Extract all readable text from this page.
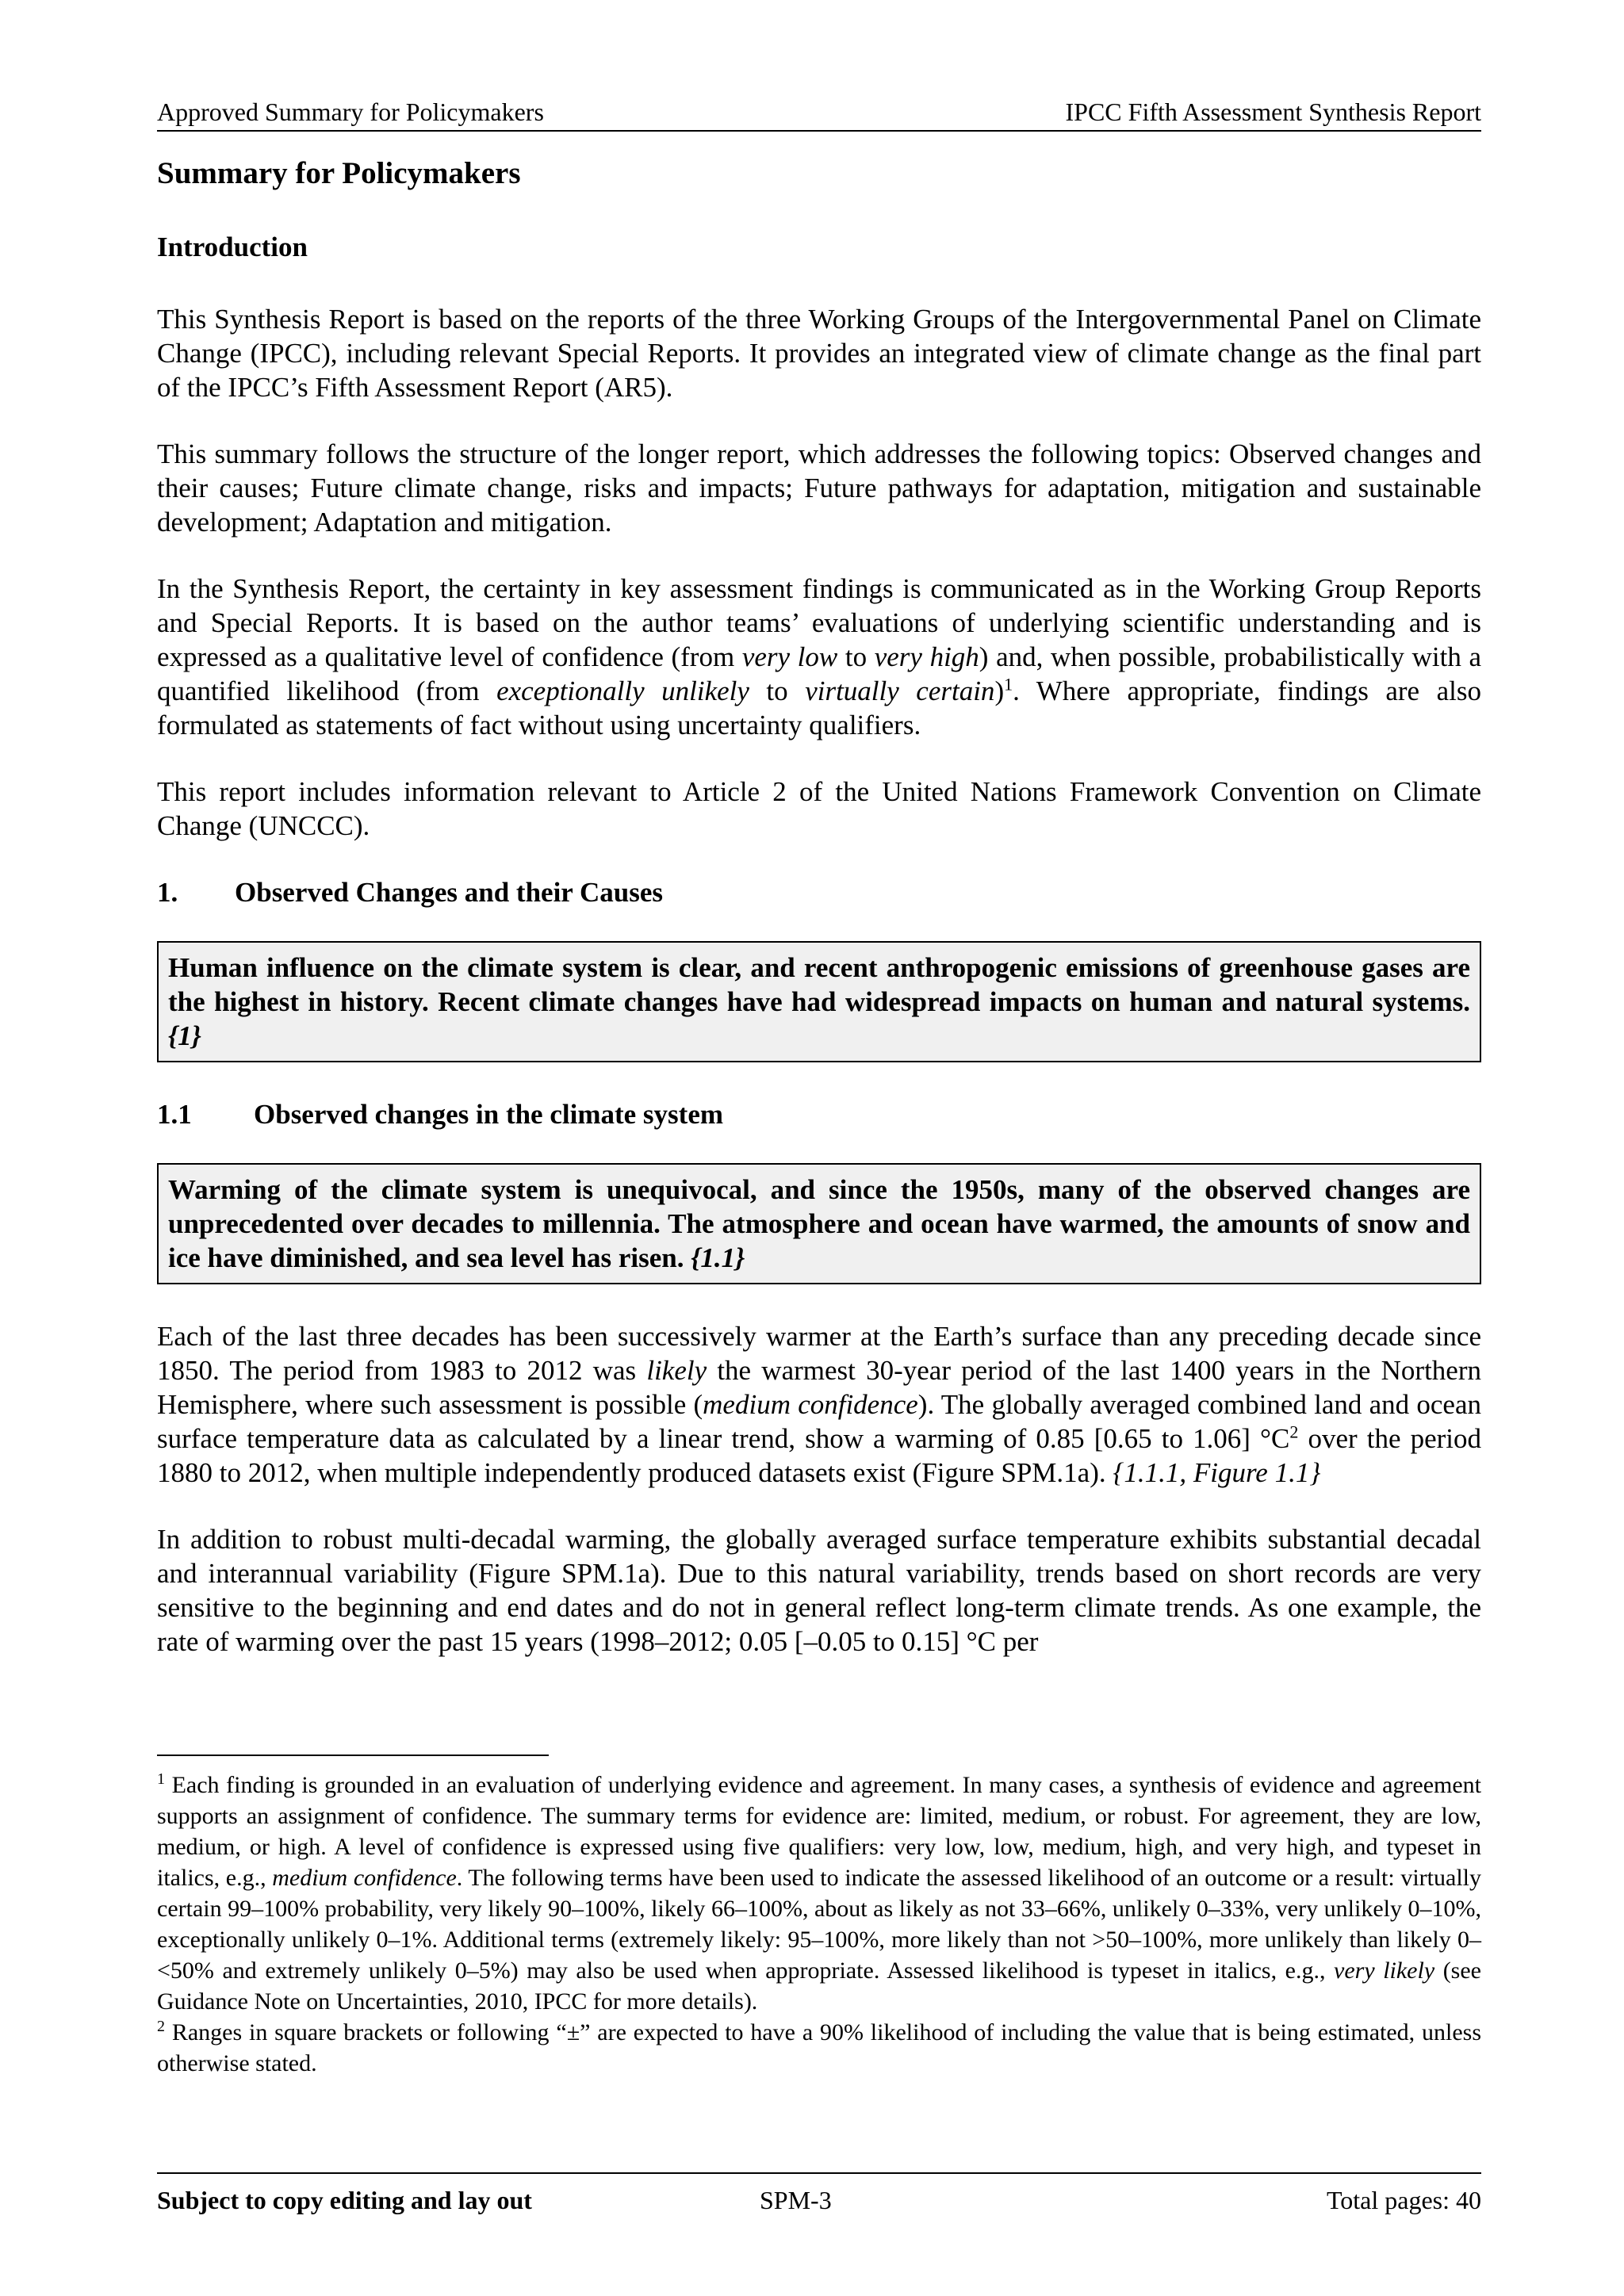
Approved Summary for Policymakers	IPCC Fifth Assessment Synthesis Report
Summary for Policymakers
Introduction

This Synthesis Report is based on the reports of the three Working Groups of the Intergovernmental Panel on Climate Change (IPCC), including relevant Special Reports. It provides an integrated view of climate change as the final part of the IPCC’s Fifth Assessment Report (AR5).

This summary follows the structure of the longer report, which addresses the following topics: Observed changes and their causes; Future climate change, risks and impacts; Future pathways for adaptation, mitigation and sustainable development; Adaptation and mitigation.

In the Synthesis Report, the certainty in key assessment findings is communicated as in the Working Group Reports and Special Reports. It is based on the author teams’ evaluations of underlying scientific understanding and is expressed as a qualitative level of confidence (from very low to very high) and, when possible, probabilistically with a quantified likelihood (from exceptionally unlikely to virtually certain)$^1$. Where appropriate, findings are also formulated as statements of fact without using uncertainty qualifiers.

This report includes information relevant to Article 2 of the United Nations Framework Convention on Climate Change (UNCCC).

1.	Observed Changes and their Causes
Human influence on the climate system is clear, and recent anthropogenic emissions of greenhouse gases are the highest in history. Recent climate changes have had widespread impacts on human and natural systems. {1}
1.1	Observed changes in the climate system
Warming of the climate system is unequivocal, and since the 1950s, many of the observed changes are unprecedented over decades to millennia. The atmosphere and ocean have warmed, the amounts of snow and ice have diminished, and sea level has risen. {1.1}

Each of the last three decades has been successively warmer at the Earth’s surface than any preceding decade since 1850. The period from 1983 to 2012 was likely the warmest 30-year period of the last 1400 years in the Northern Hemisphere, where such assessment is possible (medium confidence). The globally averaged combined land and ocean surface temperature data as calculated by a linear trend, show a warming of 0.85 [0.65 to 1.06] $^\circ C^2$ over the period 1880 to 2012, when multiple independently produced datasets exist (Figure SPM.1a). {1.1.1, Figure 1.1}

In addition to robust multi-decadal warming, the globally averaged surface temperature exhibits substantial decadal and interannual variability (Figure SPM.1a). Due to this natural variability, trends based on short records are very sensitive to the beginning and end dates and do not in general reflect long-term climate trends. As one example, the rate of warming over the past 15 years (1998–2012; 0.05 [–0.05 to 0.15] °C per

$^1$ Each finding is grounded in an evaluation of underlying evidence and agreement. In many cases, a synthesis of evidence and agreement supports an assignment of confidence. The summary terms for evidence are: limited, medium, or robust. For agreement, they are low, medium, or high. A level of confidence is expressed using five qualifiers: very low, low, medium, high, and very high, and typeset in italics, e.g., medium confidence. The following terms have been used to indicate the assessed likelihood of an outcome or a result: virtually certain 99–100% probability, very likely 90–100%, likely 66–100%, about as likely as not 33–66%, unlikely 0–33%, very unlikely 0–10%, exceptionally unlikely 0–1%. Additional terms (extremely likely: 95–100%, more likely than not >50–100%, more unlikely than likely 0–<50% and extremely unlikely 0–5%) may also be used when appropriate. Assessed likelihood is typeset in italics, e.g., very likely (see Guidance Note on Uncertainties, 2010, IPCC for more details).

$^2$ Ranges in square brackets or following “±” are expected to have a 90% likelihood of including the value that is being estimated, unless otherwise stated.

Subject to copy editing and lay out	SPM-3	Total pages: 40
